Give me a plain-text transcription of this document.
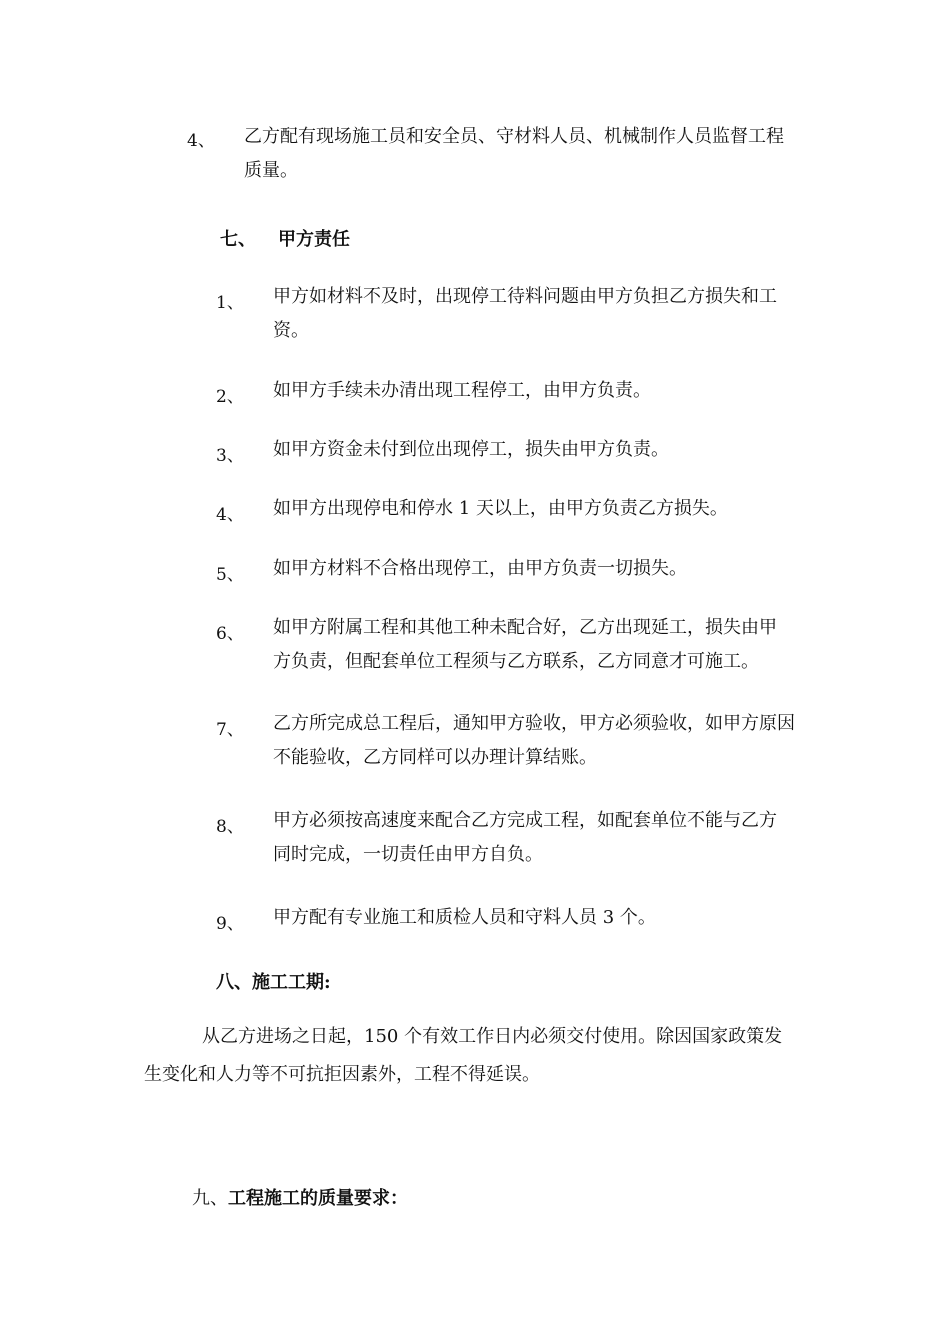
4、 乙方配有现场施工员和安全员、守材料人员、机械制作人员监督工程
质量。
七、 甲方责任
1、 甲方如材料不及时，出现停工待料问题由甲方负担乙方损失和工
资。
2、 如甲方手续未办清出现工程停工，由甲方负责。
3、 如甲方资金未付到位出现停工，损失由甲方负责。
4、 如甲方出现停电和停水 1 天以上，由甲方负责乙方损失。
5、 如甲方材料不合格出现停工，由甲方负责一切损失。
6、 如甲方附属工程和其他工种未配合好，乙方出现延工，损失由甲
方负责，但配套单位工程须与乙方联系，乙方同意才可施工。
7、 乙方所完成总工程后，通知甲方验收，甲方必须验收，如甲方原因
不能验收，乙方同样可以办理计算结账。
8、 甲方必须按高速度来配合乙方完成工程，如配套单位不能与乙方
同时完成，一切责任由甲方自负。
9、 甲方配有专业施工和质检人员和守料人员 3 个。
八、施工工期:
从乙方进场之日起，150 个有效工作日内必须交付使用。除因国家政策发
生变化和人力等不可抗拒因素外，工程不得延误。
九、工程施工的质量要求：
